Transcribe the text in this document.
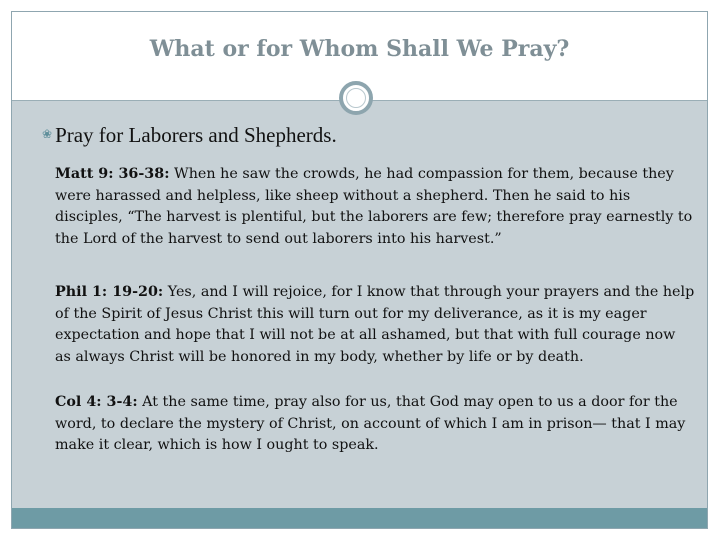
What or for Whom Shall We Pray?
❀ Pray for Laborers and Shepherds.
Matt 9: 36-38: When he saw the crowds, he had compassion for them, because they were harassed and helpless, like sheep without a shepherd. Then he said to his disciples, “The harvest is plentiful, but the laborers are few; therefore pray earnestly to the Lord of the harvest to send out laborers into his harvest.”
Phil 1: 19-20: Yes, and I will rejoice, for I know that through your prayers and the help of the Spirit of Jesus Christ this will turn out for my deliverance, as it is my eager expectation and hope that I will not be at all ashamed, but that with full courage now as always Christ will be honored in my body, whether by life or by death.
Col 4: 3-4: At the same time, pray also for us, that God may open to us a door for the word, to declare the mystery of Christ, on account of which I am in prison— that I may make it clear, which is how I ought to speak.
